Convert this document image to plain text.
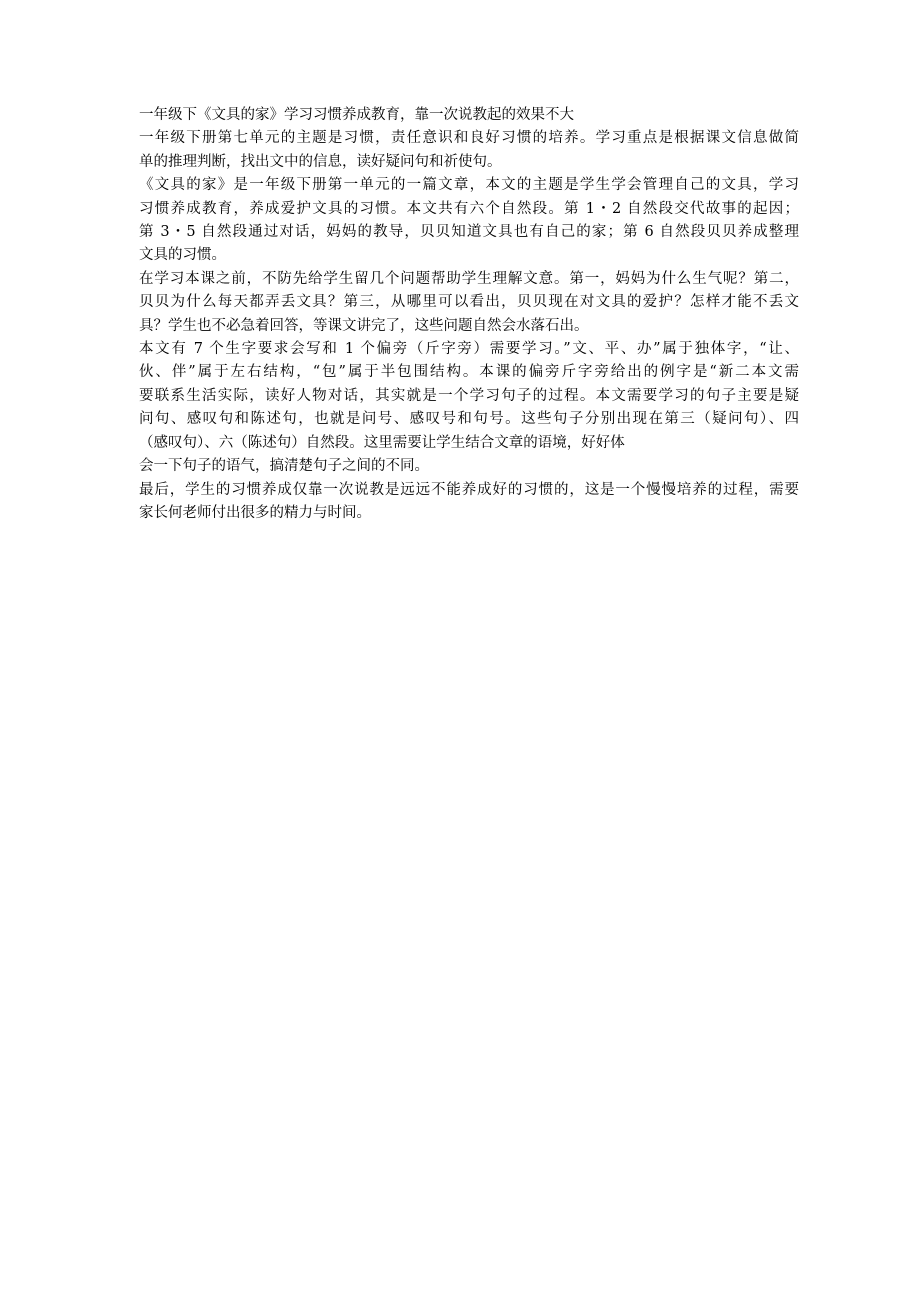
一年级下《文具的家》学习习惯养成教育，靠一次说教起的效果不大
一年级下册第七单元的主题是习惯，责任意识和良好习惯的培养。学习重点是根据课文信息做简
单的推理判断，找出文中的信息，读好疑问句和祈使句。
《文具的家》是一年级下册第一单元的一篇文章，本文的主题是学生学会管理自己的文具，学习
习惯养成教育，养成爱护文具的习惯。本文共有六个自然段。第 1・2 自然段交代故事的起因；
第 3・5 自然段通过对话，妈妈的教导，贝贝知道文具也有自己的家；第 6 自然段贝贝养成整理
文具的习惯。
在学习本课之前，不防先给学生留几个问题帮助学生理解文意。第一，妈妈为什么生气呢？第二，
贝贝为什么每天都弄丢文具？第三，从哪里可以看出，贝贝现在对文具的爱护？怎样才能不丢文
具？学生也不必急着回答，等课文讲完了，这些问题自然会水落石出。
本文有 7 个生字要求会写和 1 个偏旁（斤字旁）需要学习。”文、平、办”属于独体字，“让、
伙、伴”属于左右结构，“包”属于半包围结构。本课的偏旁斤字旁给出的例字是“新二本文需
要联系生活实际，读好人物对话，其实就是一个学习句子的过程。本文需要学习的句子主要是疑
问句、感叹句和陈述句，也就是问号、感叹号和句号。这些句子分别出现在第三（疑问句）、四
（感叹句）、六（陈述句）自然段。这里需要让学生结合文章的语境，好好体
会一下句子的语气，搞清楚句子之间的不同。
最后，学生的习惯养成仅靠一次说教是远远不能养成好的习惯的，这是一个慢慢培养的过程，需要
家长何老师付出很多的精力与时间。
